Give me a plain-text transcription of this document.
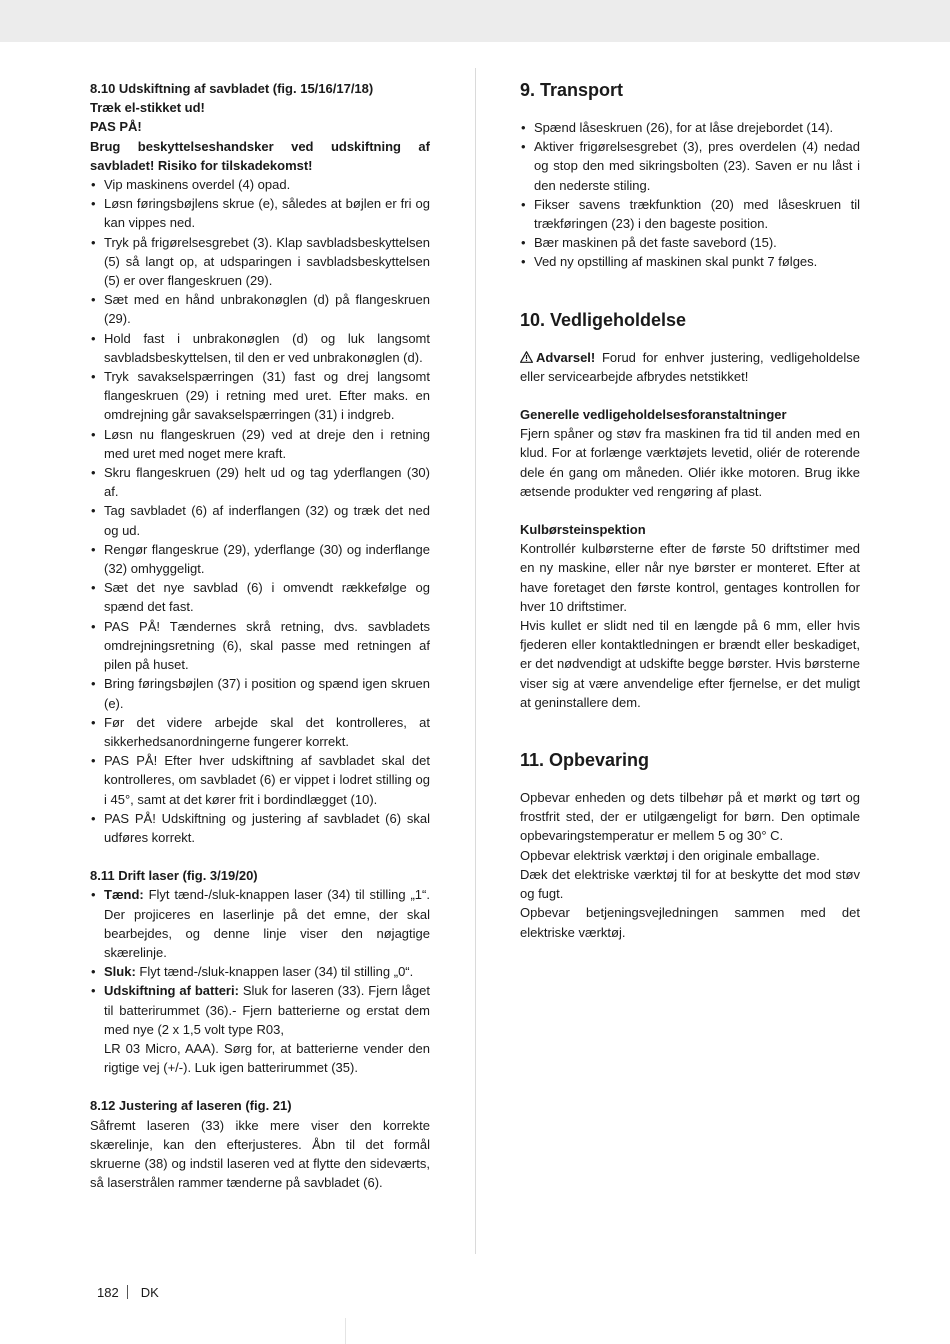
8.10 Udskiftning af savbladet (fig. 15/16/17/18)

Træk el-stikket ud!

PAS PÅ!

Brug beskyttelseshandsker ved udskiftning af savbladet! Risiko for tilskadekomst!

• Vip maskinens overdel (4) opad.
• Løsn føringsbøjlens skrue (e), således at bøjlen er fri og kan vippes ned.
• Tryk på frigørelsesgrebet (3). Klap savbladsbeskyttelsen (5) så langt op, at udsparingen i savbladsbeskyttelsen (5) er over flangeskruen (29).
• Sæt med en hånd unbrakonøglen (d) på flangeskruen (29).
• Hold fast i unbrakonøglen (d) og luk langsomt savbladsbeskyttelsen, til den er ved unbrakonøglen (d).
• Tryk savakselspærringen (31) fast og drej langsomt flangeskruen (29) i retning med uret. Efter maks. en omdrejning går savakselspærringen (31) i indgreb.
• Løsn nu flangeskruen (29) ved at dreje den i retning med uret med noget mere kraft.
• Skru flangeskruen (29) helt ud og tag yderflangen (30) af.
• Tag savbladet (6) af inderflangen (32) og træk det ned og ud.
• Rengør flangeskrue (29), yderflange (30) og inderflange (32) omhyggeligt.
• Sæt det nye savblad (6) i omvendt rækkefølge og spænd det fast.
• PAS PÅ! Tændernes skrå retning, dvs. savbladets omdrejningsretning (6), skal passe med retningen af pilen på huset.
• Bring føringsbøjlen (37) i position og spænd igen skruen (e).
• Før det videre arbejde skal det kontrolleres, at sikkerhedsanordningerne fungerer korrekt.
• PAS PÅ! Efter hver udskiftning af savbladet skal det kontrolleres, om savbladet (6) er vippet i lodret stilling og i 45°, samt at det kører frit i bordindlægget (10).
• PAS PÅ! Udskiftning og justering af savbladet (6) skal udføres korrekt.

8.11 Drift laser (fig. 3/19/20)

• Tænd: Flyt tænd-/sluk-knappen laser (34) til stilling „1“. Der projiceres en laserlinje på det emne, der skal bearbejdes, og denne linje viser den nøjagtige skærelinje.
• Sluk: Flyt tænd-/sluk-knappen laser (34) til stilling „0“.
• Udskiftning af batteri: Sluk for laseren (33). Fjern låget til batterirummet (36).- Fjern batterierne og erstat dem med nye (2 x 1,5 volt type R03,
LR 03 Micro, AAA). Sørg for, at batterierne vender den rigtige vej (+/-). Luk igen batterirummet (35).

8.12 Justering af laseren (fig. 21)

Såfremt laseren (33) ikke mere viser den korrekte skærelinje, kan den efterjusteres. Åbn til det formål skruerne (38) og indstil laseren ved at flytte den sideværts, så laserstrålen rammer tænderne på savbladet (6).

9. Transport
• Spænd låseskruen (26), for at låse drejebordet (14).
• Aktiver frigørelsesgrebet (3), pres overdelen (4) nedad og stop den med sikringsbolten (23). Saven er nu låst i den nederste stiling.
• Fikser savens trækfunktion (20) med låseskruen til trækføringen (23) i den bageste position.
• Bær maskinen på det faste savebord (15).
• Ved ny opstilling af maskinen skal punkt 7 følges.
10. Vedligeholdelse

Advarsel! Forud for enhver justering, vedligeholdelse eller servicearbejde afbrydes netstikket!

Generelle vedligeholdelsesforanstaltninger

Fjern spåner og støv fra maskinen fra tid til anden med en klud. For at forlænge værktøjets levetid, oliér de roterende dele én gang om måneden. Oliér ikke motoren. Brug ikke ætsende produkter ved rengøring af plast.

Kulbørsteinspektion

Kontrollér kulbørsterne efter de første 50 driftstimer med en ny maskine, eller når nye børster er monteret. Efter at have foretaget den første kontrol, gentages kontrollen for hver 10 driftstimer.

Hvis kullet er slidt ned til en længde på 6 mm, eller hvis fjederen eller kontaktledningen er brændt eller beskadiget, er det nødvendigt at udskifte begge børster. Hvis børsterne viser sig at være anvendelige efter fjernelse, er det muligt at geninstallere dem.

11. Opbevaring

Opbevar enheden og dets tilbehør på et mørkt og tørt og frostfrit sted, der er utilgængeligt for børn. Den optimale opbevaringstemperatur er mellem 5 og 30° C.

Opbevar elektrisk værktøj i den originale emballage.

Dæk det elektriske værktøj til for at beskytte det mod støv og fugt.

Opbevar betjeningsvejledningen sammen med det elektriske værktøj.

182 DK
